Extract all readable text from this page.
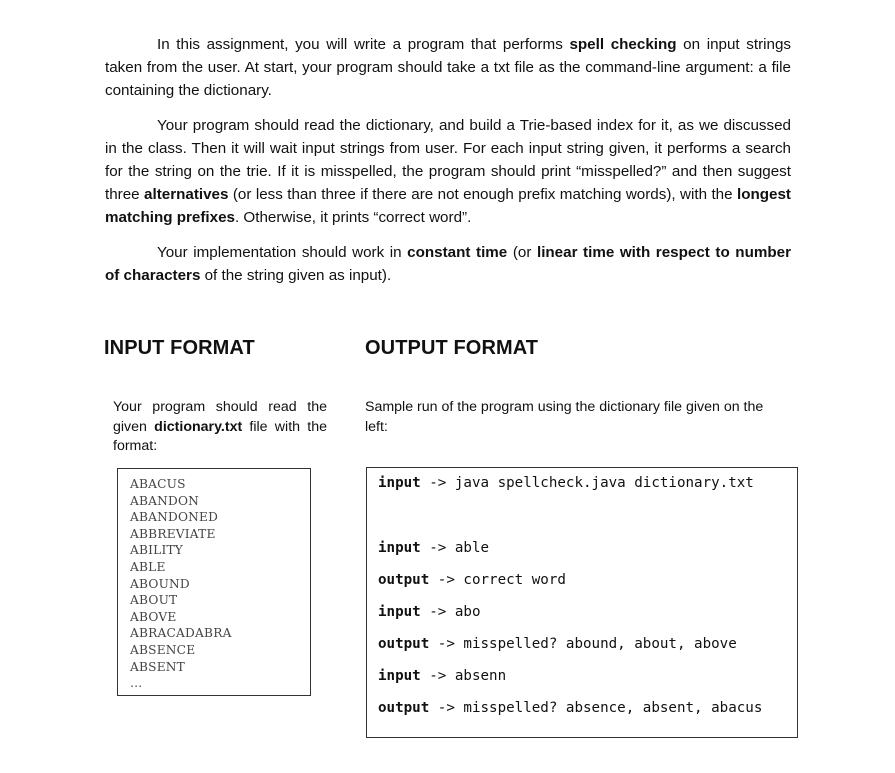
In this assignment, you will write a program that performs spell checking on input strings taken from the user. At start, your program should take a txt file as the command-line argument: a file containing the dictionary.

Your program should read the dictionary, and build a Trie-based index for it, as we discussed in the class. Then it will wait input strings from user. For each input string given, it performs a search for the string on the trie. If it is misspelled, the program should print “misspelled?” and then suggest three alternatives (or less than three if there are not enough prefix matching words), with the longest matching prefixes. Otherwise, it prints “correct word”.

Your implementation should work in constant time (or linear time with respect to number of characters of the string given as input).

INPUT FORMAT	OUTPUT FORMAT

Your program should read the given dictionary.txt file with the format:

Sample run of the program using the dictionary file given on the left:

ABACUS
ABANDON
ABANDONED
ABBREVIATE
ABILITY
ABLE
ABOUND
ABOUT
ABOVE
ABRACADABRA
ABSENCE
ABSENT
…

input -> java spellcheck.java dictionary.txt

input -> able

output -> correct word

input -> abo

output -> misspelled? abound, about, above

input -> absenn

output -> misspelled? absence, absent, abacus
